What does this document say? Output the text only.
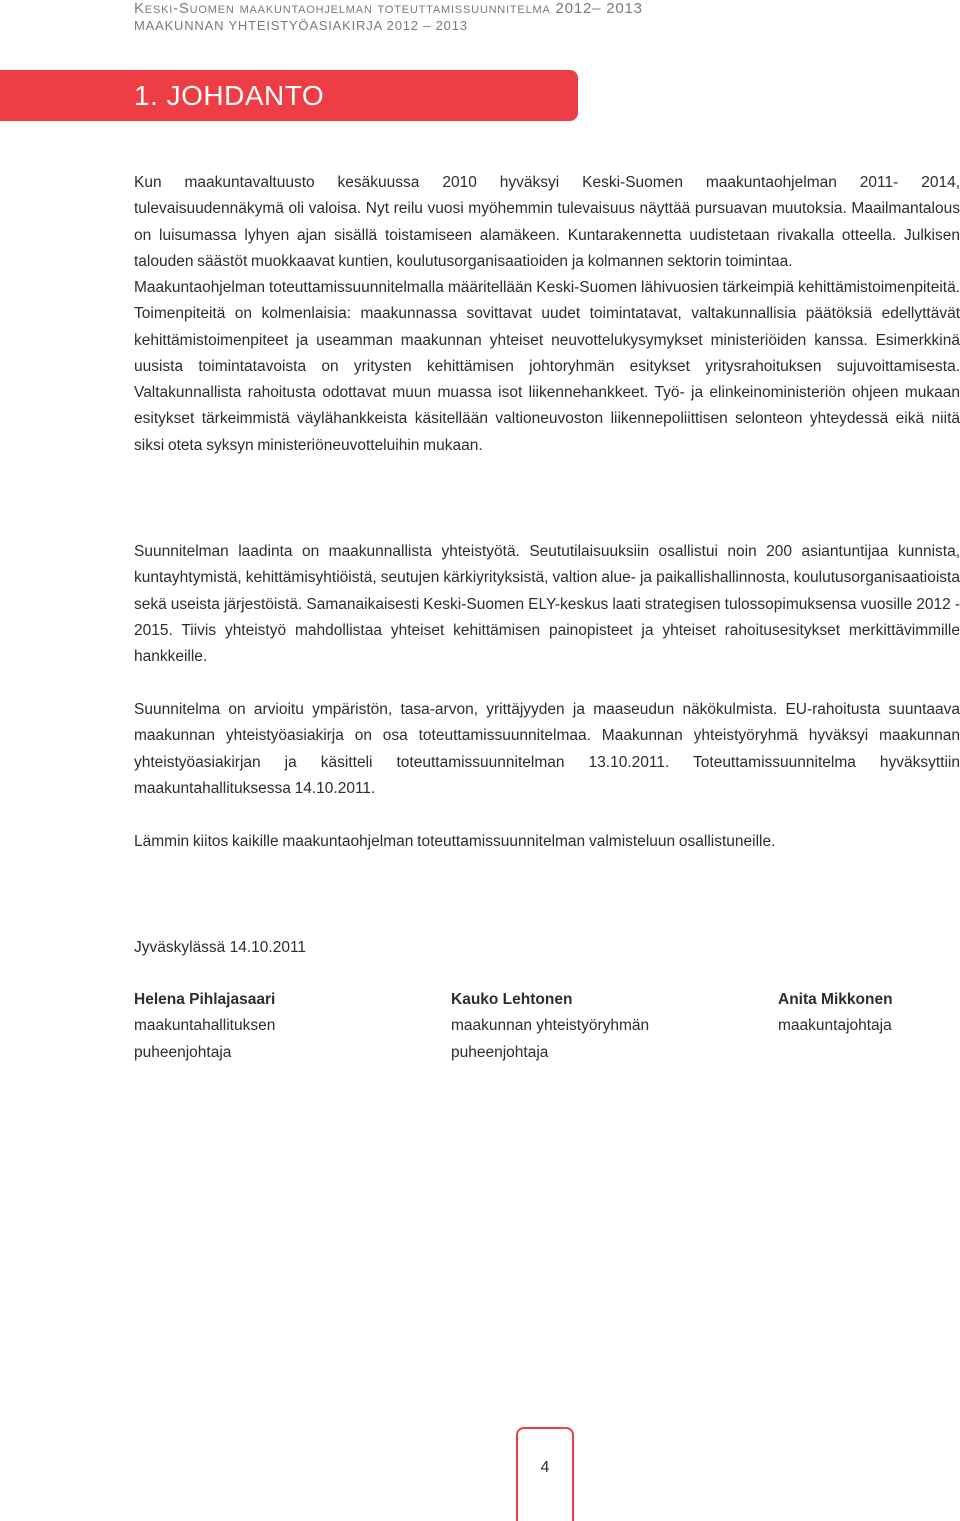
Keski-Suomen maakuntaohjelman toteuttamissuunnitelma 2012– 2013

MAAKUNNAN YHTEISTYÖASIAKIRJA 2012 – 2013

1. JOHDANTO

Kun maakuntavaltuusto kesäkuussa 2010 hyväksyi Keski-Suomen maakuntaohjelman 2011- 2014, tulevaisuudennäkymä oli valoisa. Nyt reilu vuosi myöhemmin tulevaisuus näyttää pursuavan muutoksia. Maailmantalous on luisumassa lyhyen ajan sisällä toistamiseen alamäkeen. Kuntarakennetta uudistetaan rivakalla otteella. Julkisen talouden säästöt muokkaavat kuntien, koulutusorganisaatioiden ja kolmannen sektorin toimintaa.

Maakuntaohjelman toteuttamissuunnitelmalla määritellään Keski-Suomen lähivuosien tärkeimpiä kehittämistoimenpiteitä. Toimenpiteitä on kolmenlaisia: maakunnassa sovittavat uudet toimintatavat, valtakunnallisia päätöksiä edellyttävät kehittämistoimenpiteet ja useamman maakunnan yhteiset neuvottelukysymykset ministeriöiden kanssa. Esimerkkinä uusista toimintatavoista on yritysten kehittämisen johtoryhmän esitykset yritysrahoituksen sujuvoittamisesta. Valtakunnallista rahoitusta odottavat muun muassa isot liikennehankkeet. Työ- ja elinkeinoministeriön ohjeen mukaan esitykset tärkeimmistä väylähankkeista käsitellään valtioneuvoston liikennepoliittisen selonteon yhteydessä eikä niitä siksi oteta syksyn ministeriöneuvotteluihin mukaan.

Suunnitelman laadinta on maakunnallista yhteistyötä. Seututilaisuuksiin osallistui noin 200 asiantuntijaa kunnista, kuntayhtymistä, kehittämisyhtiöistä, seutujen kärkiyrityksistä, valtion alue- ja paikallishallinnosta, koulutusorganisaatioista sekä useista järjestöistä. Samanaikaisesti Keski-Suomen ELY-keskus laati strategisen tulossopimuksensa vuosille 2012 - 2015. Tiivis yhteistyö mahdollistaa yhteiset kehittämisen painopisteet ja yhteiset rahoitusesitykset merkittävimmille hankkeille.

Suunnitelma on arvioitu ympäristön, tasa-arvon, yrittäjyyden ja maaseudun näkökulmista. EU-rahoitusta suuntaava maakunnan yhteistyöasiakirja on osa toteuttamissuunnitelmaa. Maakunnan yhteistyöryhmä hyväksyi maakunnan yhteistyöasiakirjan ja käsitteli toteuttamissuunnitelman 13.10.2011. Toteuttamissuunnitelma hyväksyttiin maakuntahallituksessa 14.10.2011.

Lämmin kiitos kaikille maakuntaohjelman toteuttamissuunnitelman valmisteluun osallistuneille.

Jyväskylässä 14.10.2011

Helena Pihlajasaari
maakuntahallituksen
puheenjohtaja
Kauko Lehtonen
maakunnan yhteistyöryhmän
puheenjohtaja
Anita Mikkonen
maakuntajohtaja
4
